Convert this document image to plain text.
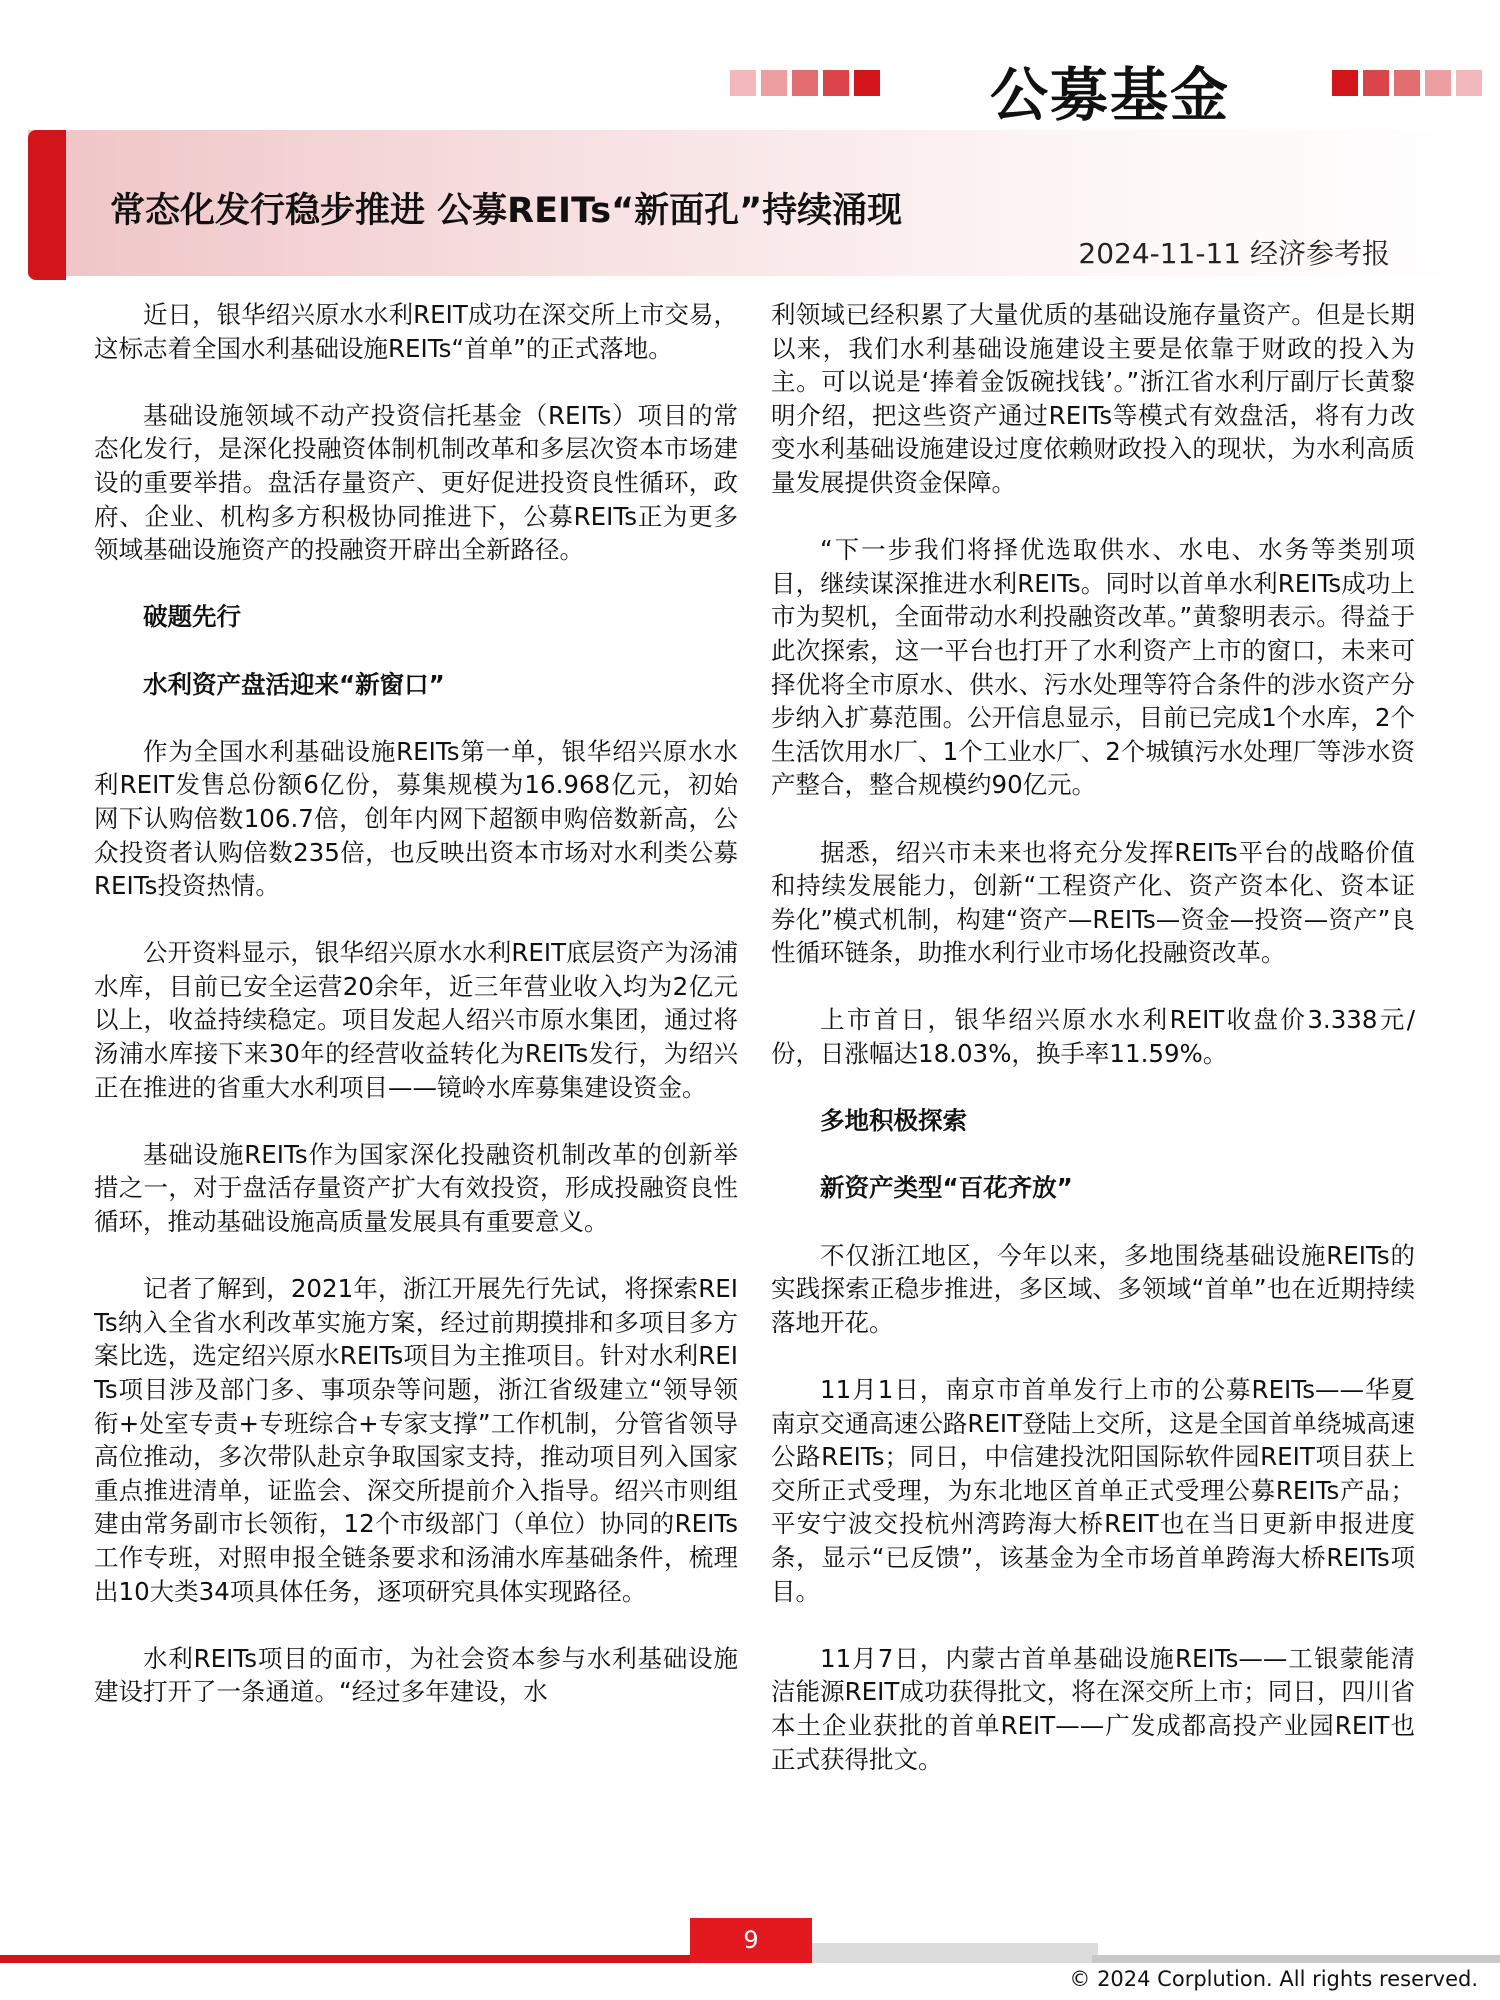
公募基金
常态化发行稳步推进 公募REITs“新面孔”持续涌现
2024-11-11 经济参考报

近日，银华绍兴原水水利REIT成功在深交所上市交易，这标志着全国水利基础设施REITs“首单”的正式落地。

基础设施领域不动产投资信托基金（REITs）项目的常态化发行，是深化投融资体制机制改革和多层次资本市场建设的重要举措。盘活存量资产、更好促进投资良性循环，政府、企业、机构多方积极协同推进下，公募REITs正为更多领域基础设施资产的投融资开辟出全新路径。

破题先行
水利资产盘活迎来“新窗口”

作为全国水利基础设施REITs第一单，银华绍兴原水水利REIT发售总份额6亿份，募集规模为16.968亿元，初始网下认购倍数106.7倍，创年内网下超额申购倍数新高，公众投资者认购倍数235倍，也反映出资本市场对水利类公募REITs投资热情。

公开资料显示，银华绍兴原水水利REIT底层资产为汤浦水库，目前已安全运营20余年，近三年营业收入均为2亿元以上，收益持续稳定。项目发起人绍兴市原水集团，通过将汤浦水库接下来30年的经营收益转化为REITs发行，为绍兴正在推进的省重大水利项目——镜岭水库募集建设资金。

基础设施REITs作为国家深化投融资机制改革的创新举措之一，对于盘活存量资产扩大有效投资，形成投融资良性循环，推动基础设施高质量发展具有重要意义。

记者了解到，2021年，浙江开展先行先试，将探索REITs纳入全省水利改革实施方案，经过前期摸排和多项目多方案比选，选定绍兴原水REITs项目为主推项目。针对水利REITs项目涉及部门多、事项杂等问题，浙江省级建立“领导领衔+处室专责+专班综合+专家支撑”工作机制，分管省领导高位推动，多次带队赴京争取国家支持，推动项目列入国家重点推进清单，证监会、深交所提前介入指导。绍兴市则组建由常务副市长领衔，12个市级部门（单位）协同的REITs工作专班，对照申报全链条要求和汤浦水库基础条件，梳理出10大类34项具体任务，逐项研究具体实现路径。

水利REITs项目的面市，为社会资本参与水利基础设施建设打开了一条通道。“经过多年建设，水

利领域已经积累了大量优质的基础设施存量资产。但是长期以来，我们水利基础设施建设主要是依靠于财政的投入为主。可以说是‘捧着金饭碗找钱’。”浙江省水利厅副厅长黄黎明介绍，把这些资产通过REITs等模式有效盘活，将有力改变水利基础设施建设过度依赖财政投入的现状，为水利高质量发展提供资金保障。

“下一步我们将择优选取供水、水电、水务等类别项目，继续谋深推进水利REITs。同时以首单水利REITs成功上市为契机，全面带动水利投融资改革。”黄黎明表示。得益于此次探索，这一平台也打开了水利资产上市的窗口，未来可择优将全市原水、供水、污水处理等符合条件的涉水资产分步纳入扩募范围。公开信息显示，目前已完成1个水库，2个生活饮用水厂、1个工业水厂、2个城镇污水处理厂等涉水资产整合，整合规模约90亿元。

据悉，绍兴市未来也将充分发挥REITs平台的战略价值和持续发展能力，创新“工程资产化、资产资本化、资本证券化”模式机制，构建“资产—REITs—资金—投资—资产”良性循环链条，助推水利行业市场化投融资改革。

上市首日，银华绍兴原水水利REIT收盘价3.338元/份，日涨幅达18.03%，换手率11.59%。

多地积极探索
新资产类型“百花齐放”

不仅浙江地区，今年以来，多地围绕基础设施REITs的实践探索正稳步推进，多区域、多领域“首单”也在近期持续落地开花。

11月1日，南京市首单发行上市的公募REITs——华夏南京交通高速公路REIT登陆上交所，这是全国首单绕城高速公路REITs；同日，中信建投沈阳国际软件园REIT项目获上交所正式受理，为东北地区首单正式受理公募REITs产品；平安宁波交投杭州湾跨海大桥REIT也在当日更新申报进度条，显示“已反馈”，该基金为全市场首单跨海大桥REITs项目。

11月7日，内蒙古首单基础设施REITs——工银蒙能清洁能源REIT成功获得批文，将在深交所上市；同日，四川省本土企业获批的首单REIT——广发成都高投产业园REIT也正式获得批文。

9
© 2024 Corplution. All rights reserved.
